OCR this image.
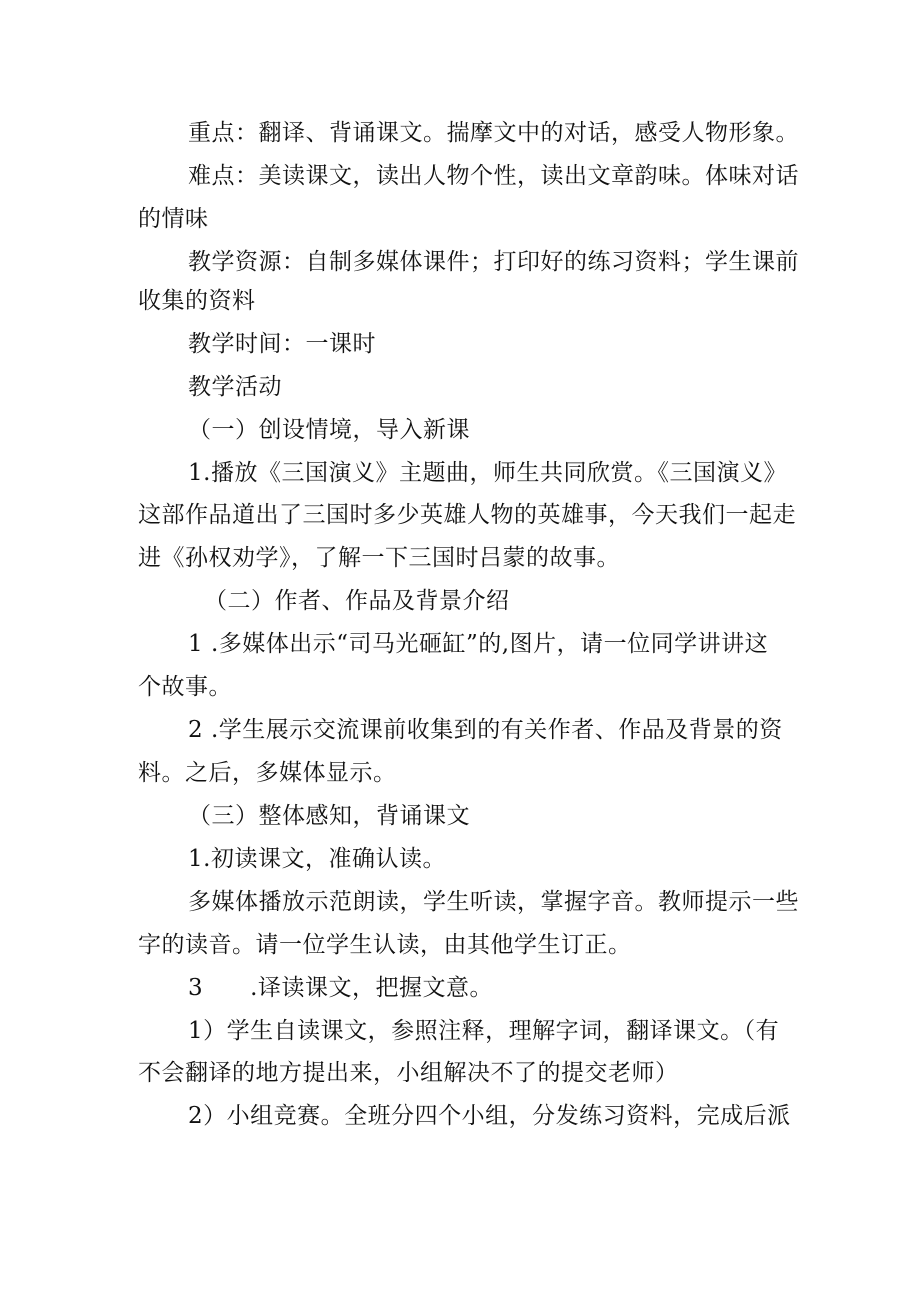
重点：翻译、背诵课文。揣摩文中的对话，感受人物形象。
难点：美读课文，读出人物个性，读出文章韵味。体味对话
的情味
教学资源：自制多媒体课件；打印好的练习资料；学生课前
收集的资料
教学时间：一课时
教学活动
（一）创设情境，导入新课
1.播放《三国演义》主题曲，师生共同欣赏。《三国演义》
这部作品道出了三国时多少英雄人物的英雄事，今天我们一起走
进《孙权劝学》，了解一下三国时吕蒙的故事。
（二）作者、作品及背景介绍
1 .多媒体出示“司马光砸缸”的,图片，请一位同学讲讲这
个故事。
2 .学生展示交流课前收集到的有关作者、作品及背景的资
料。之后，多媒体显示。
（三）整体感知，背诵课文
1.初读课文，准确认读。
多媒体播放示范朗读，学生听读，掌握字音。教师提示一些
字的读音。请一位学生认读，由其他学生订正。
3　　.译读课文，把握文意。
1）学生自读课文，参照注释，理解字词，翻译课文。（有
不会翻译的地方提出来，小组解决不了的提交老师）
2）小组竞赛。全班分四个小组，分发练习资料，完成后派
